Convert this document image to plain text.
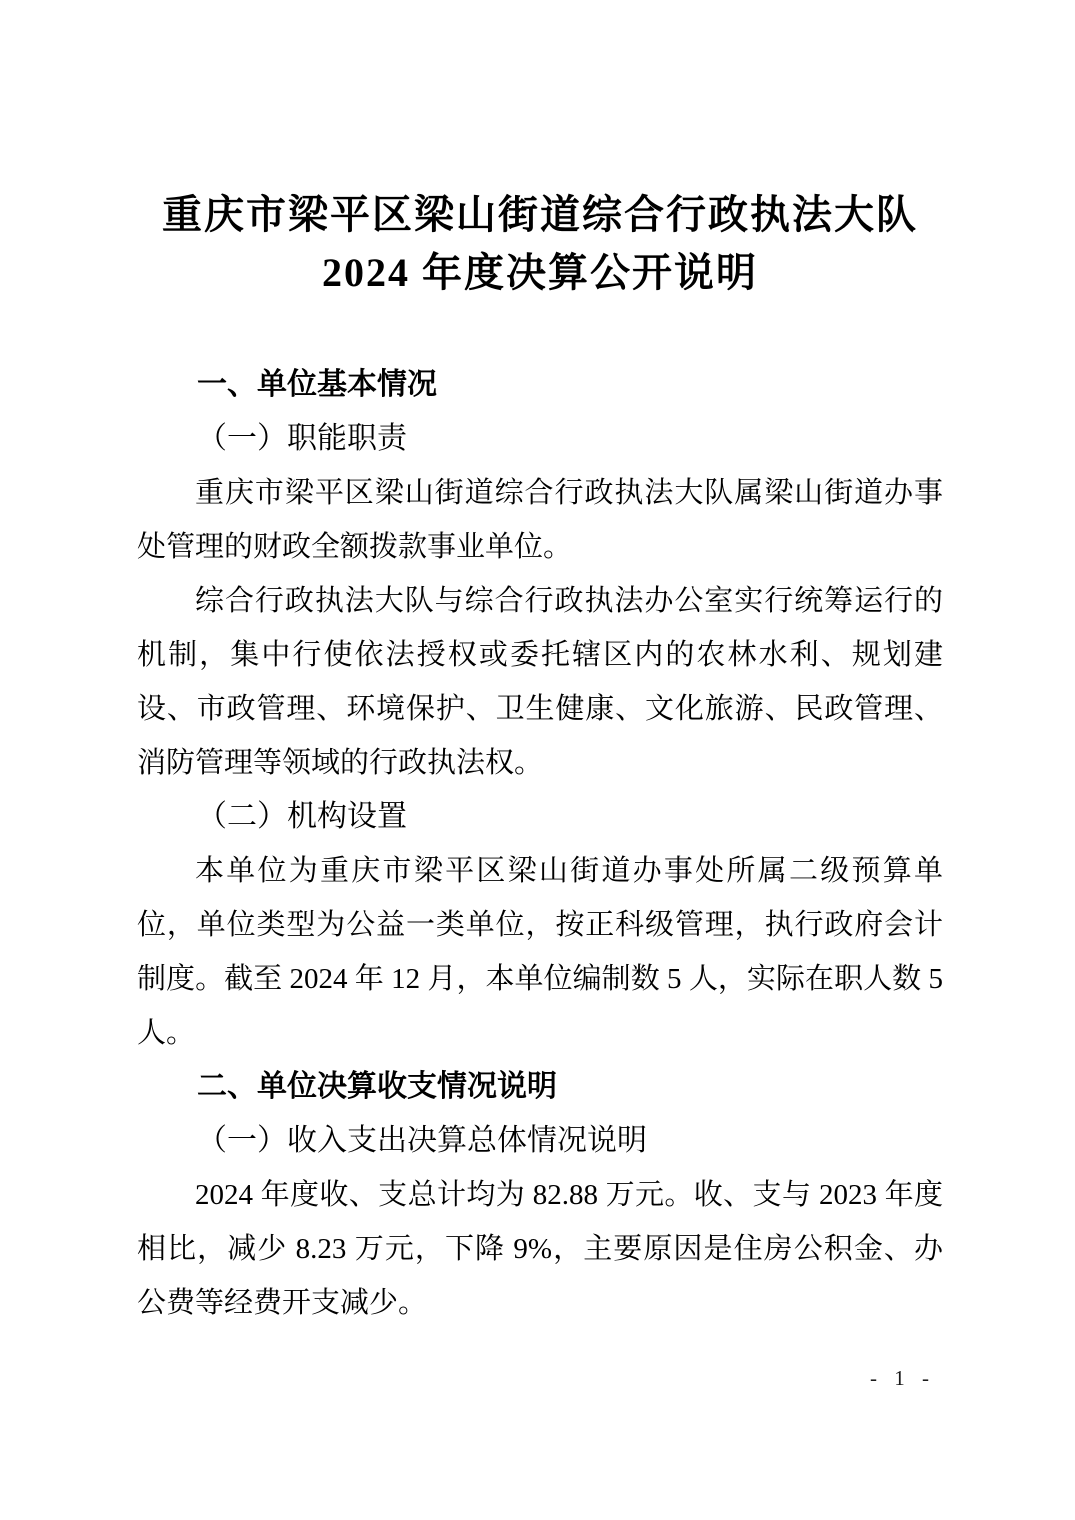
重庆市梁平区梁山街道综合行政执法大队
2024 年度决算公开说明
一、单位基本情况
（一）职能职责

重庆市梁平区梁山街道综合行政执法大队属梁山街道办事处管理的财政全额拨款事业单位。

综合行政执法大队与综合行政执法办公室实行统筹运行的机制，集中行使依法授权或委托辖区内的农林水利、规划建设、市政管理、环境保护、卫生健康、文化旅游、民政管理、消防管理等领域的行政执法权。

（二）机构设置

本单位为重庆市梁平区梁山街道办事处所属二级预算单位，单位类型为公益一类单位，按正科级管理，执行政府会计制度。截至 2024 年 12 月，本单位编制数 5 人，实际在职人数 5 人。

二、单位决算收支情况说明
（一）收入支出决算总体情况说明

2024 年度收、支总计均为 82.88 万元。收、支与 2023 年度相比，减少 8.23 万元，下降 9%，主要原因是住房公积金、办公费等经费开支减少。

- 1 -
